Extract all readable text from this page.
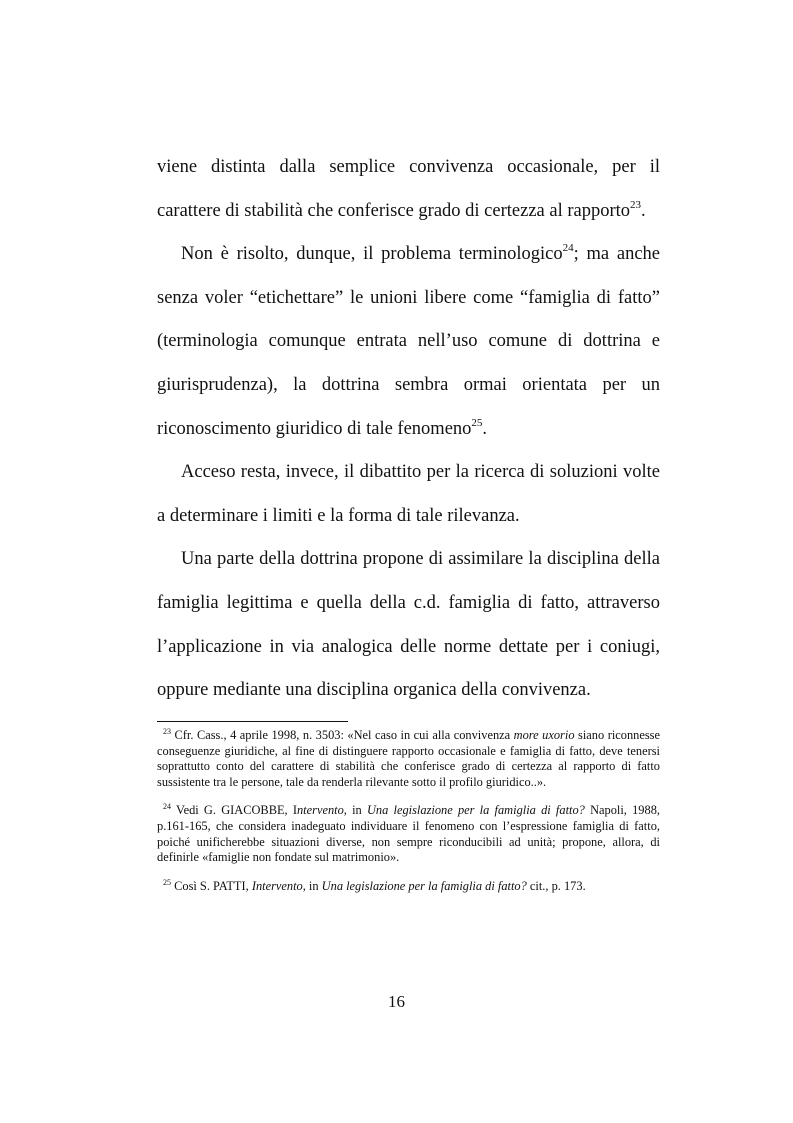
viene distinta dalla semplice convivenza occasionale, per il carattere di stabilità che conferisce grado di certezza al rapporto$^{23}$.

Non è risolto, dunque, il problema terminologico$^{24}$; ma anche senza voler “etichettare” le unioni libere come “famiglia di fatto” (terminologia comunque entrata nell’uso comune di dottrina e giurisprudenza), la dottrina sembra ormai orientata per un riconoscimento giuridico di tale fenomeno$^{25}$.

Acceso resta, invece, il dibattito per la ricerca di soluzioni volte a determinare i limiti e la forma di tale rilevanza.

Una parte della dottrina propone di assimilare la disciplina della famiglia legittima e quella della c.d. famiglia di fatto, attraverso l’applicazione in via analogica delle norme dettate per i coniugi, oppure mediante una disciplina organica della convivenza.

$^{23}$ Cfr. Cass., 4 aprile 1998, n. 3503: «Nel caso in cui alla convivenza more uxorio siano riconnesse conseguenze giuridiche, al fine di distinguere rapporto occasionale e famiglia di fatto, deve tenersi soprattutto conto del carattere di stabilità che conferisce grado di certezza al rapporto di fatto sussistente tra le persone, tale da renderla rilevante sotto il profilo giuridico..».

$^{24}$ Vedi G. GIACOBBE, Intervento, in Una legislazione per la famiglia di fatto? Napoli, 1988, p.161-165, che considera inadeguato individuare il fenomeno con l’espressione famiglia di fatto, poiché unificherebbe situazioni diverse, non sempre riconducibili ad unità; propone, allora, di definirle «famiglie non fondate sul matrimonio».

$^{25}$ Così S. PATTI, Intervento, in Una legislazione per la famiglia di fatto? cit., p. 173.

16
